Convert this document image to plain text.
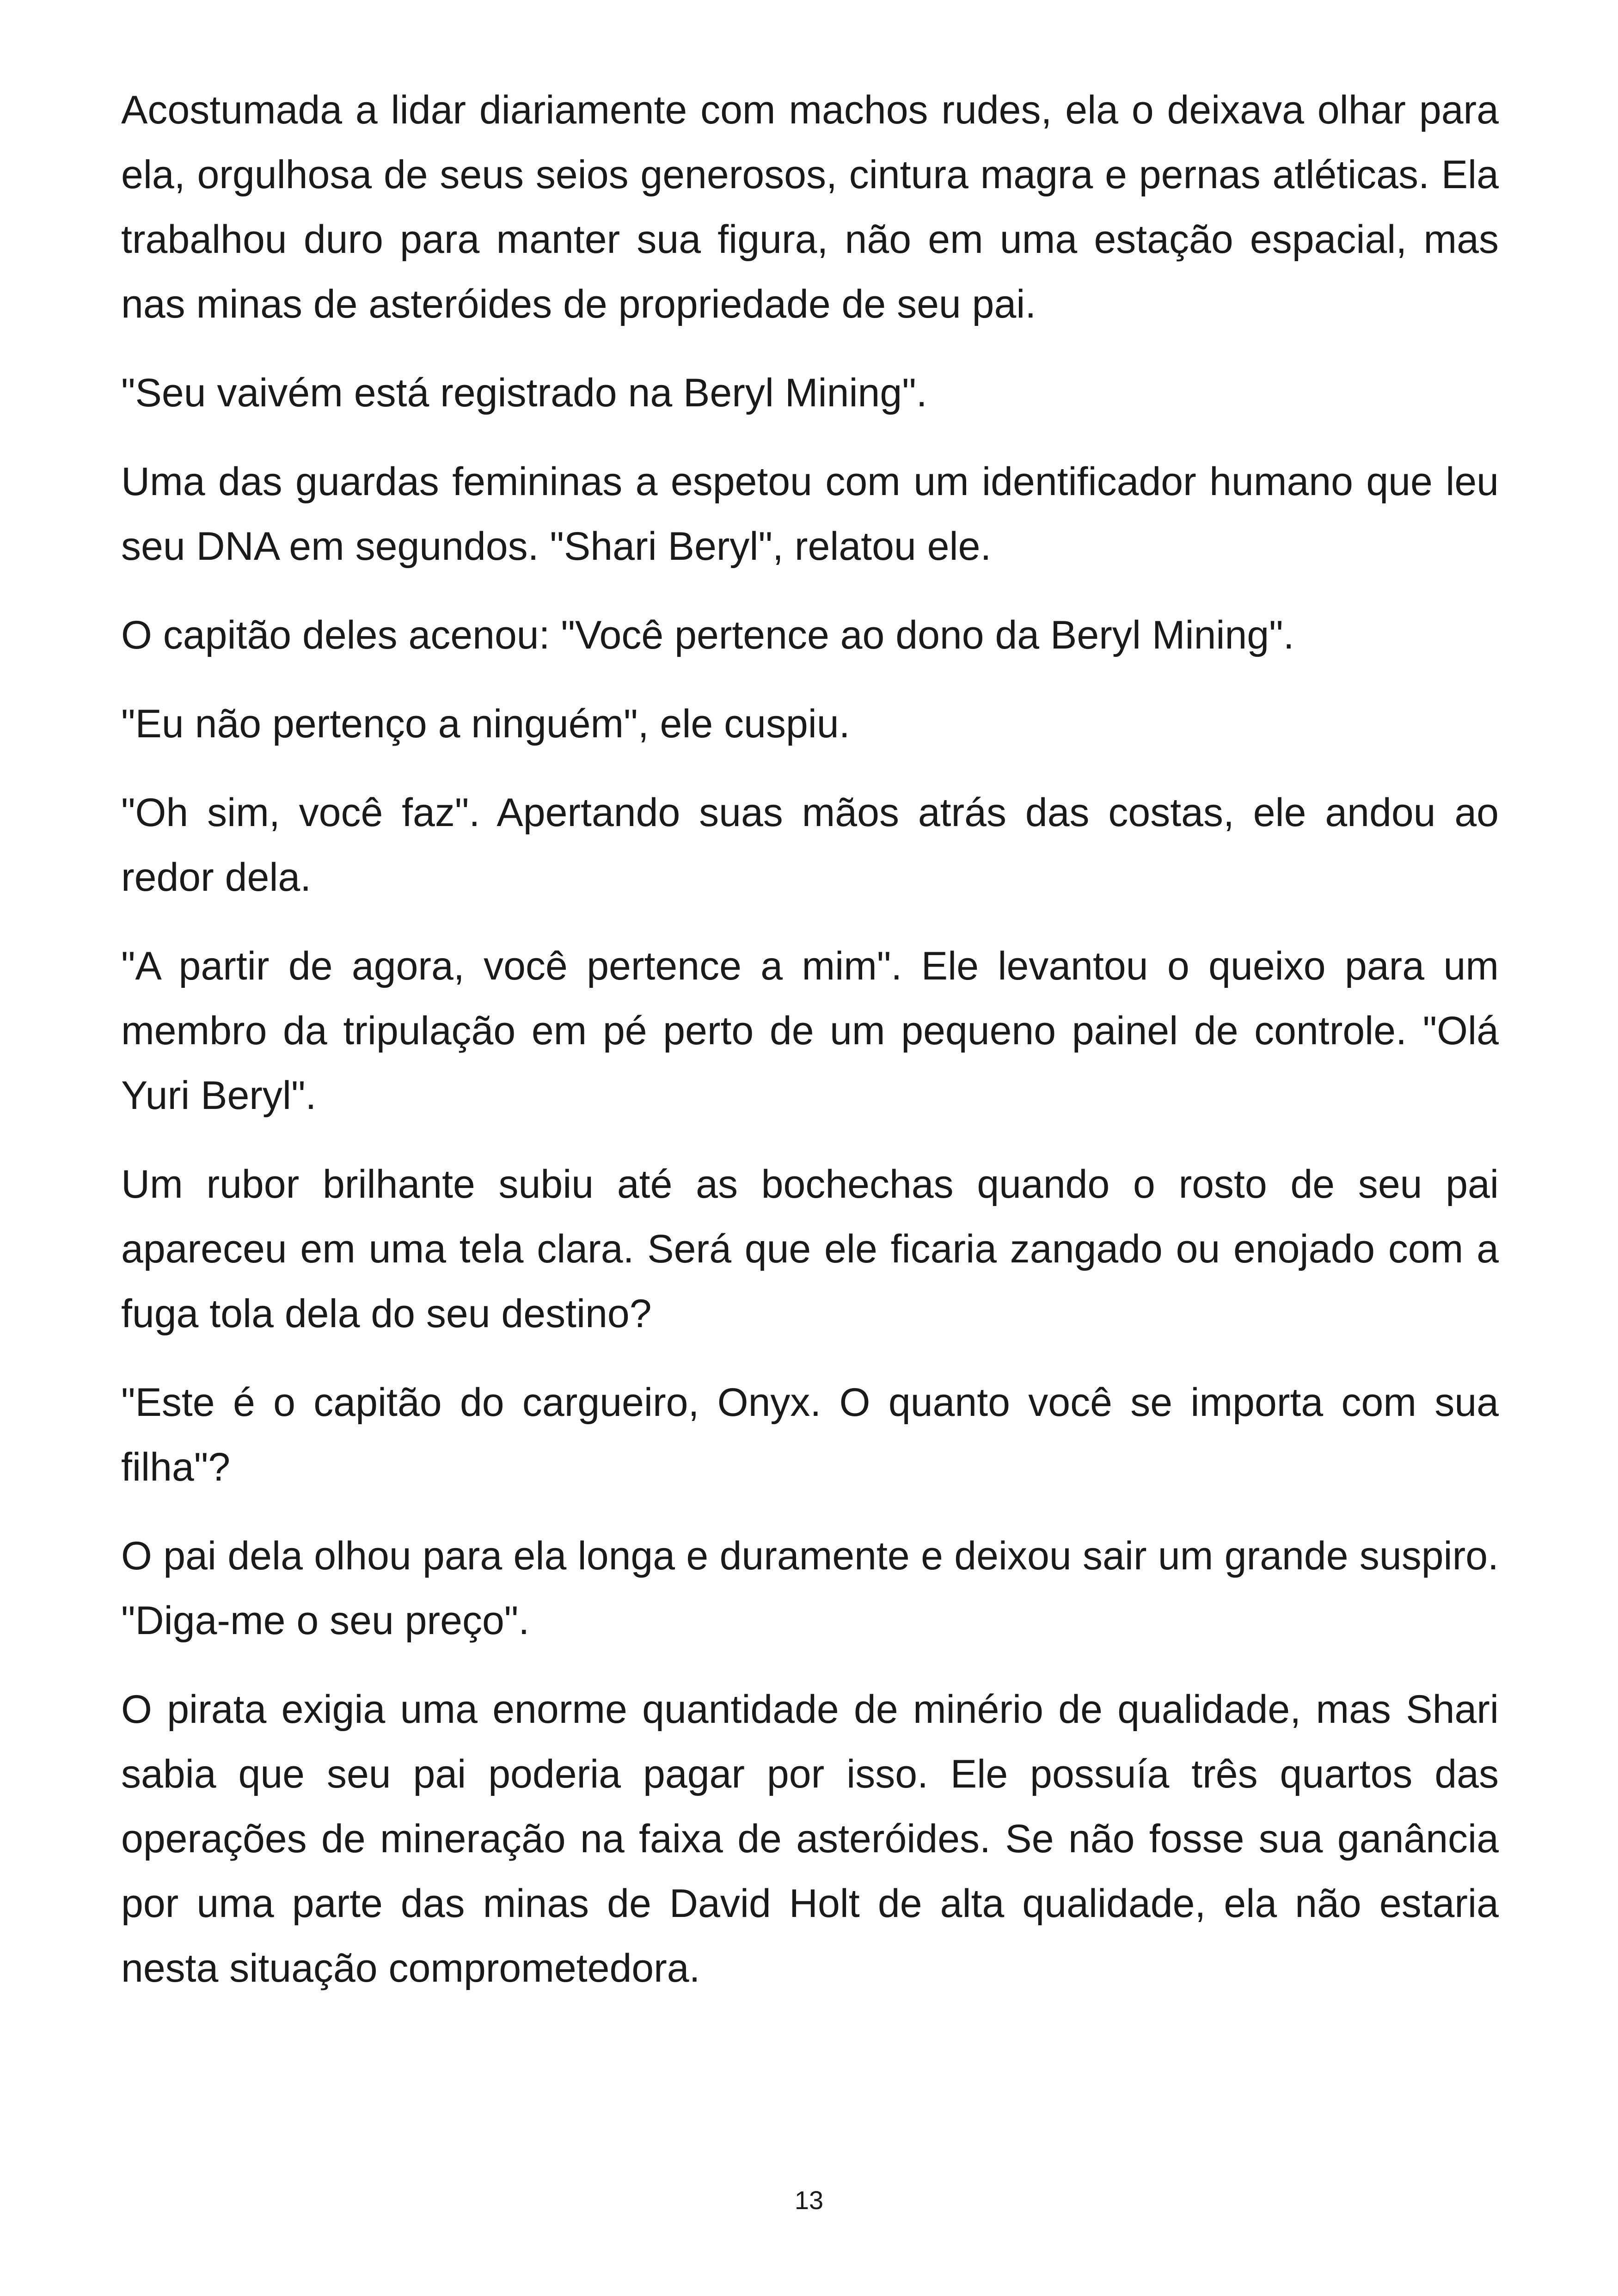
Acostumada a lidar diariamente com machos rudes, ela o deixava olhar para ela, orgulhosa de seus seios generosos, cintura magra e pernas atléticas. Ela trabalhou duro para manter sua figura, não em uma estação espacial, mas nas minas de asteróides de propriedade de seu pai.

"Seu vaivém está registrado na Beryl Mining".

Uma das guardas femininas a espetou com um identificador humano que leu seu DNA em segundos. "Shari Beryl", relatou ele.

O capitão deles acenou: "Você pertence ao dono da Beryl Mining".

"Eu não pertenço a ninguém", ele cuspiu.

"Oh sim, você faz". Apertando suas mãos atrás das costas, ele andou ao redor dela.

"A partir de agora, você pertence a mim". Ele levantou o queixo para um membro da tripulação em pé perto de um pequeno painel de controle. "Olá Yuri Beryl".

Um rubor brilhante subiu até as bochechas quando o rosto de seu pai apareceu em uma tela clara. Será que ele ficaria zangado ou enojado com a fuga tola dela do seu destino?

"Este é o capitão do cargueiro, Onyx. O quanto você se importa com sua filha"?

O pai dela olhou para ela longa e duramente e deixou sair um grande suspiro. "Diga-me o seu preço".

O pirata exigia uma enorme quantidade de minério de qualidade, mas Shari sabia que seu pai poderia pagar por isso. Ele possuía três quartos das operações de mineração na faixa de asteróides. Se não fosse sua ganância por uma parte das minas de David Holt de alta qualidade, ela não estaria nesta situação comprometedora.

13
